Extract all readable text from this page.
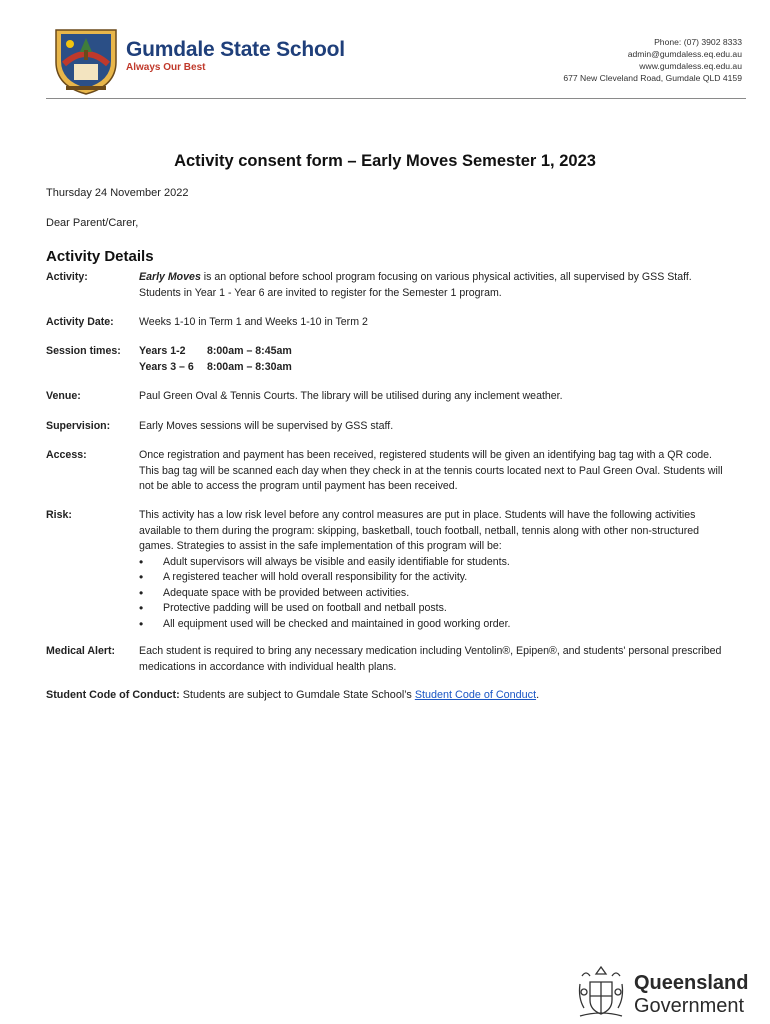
Gumdale State School
Always Our Best
Phone: (07) 3902 8333
admin@gumdaless.eq.edu.au
www.gumdaless.eq.edu.au
677 New Cleveland Road, Gumdale QLD 4159
Activity consent form – Early Moves Semester 1, 2023
Thursday 24 November 2022
Dear Parent/Carer,
Activity Details
Activity:	Early Moves is an optional before school program focusing on various physical activities, all supervised by GSS Staff. Students in Year 1 - Year 6 are invited to register for the Semester 1 program.
Activity Date:	Weeks 1-10 in Term 1 and Weeks 1-10 in Term 2
Session times:	Years 1-2	8:00am – 8:45am
Years 3 – 6	8:00am – 8:30am
Venue:	Paul Green Oval & Tennis Courts. The library will be utilised during any inclement weather.
Supervision:	Early Moves sessions will be supervised by GSS staff.
Access:	Once registration and payment has been received, registered students will be given an identifying bag tag with a QR code. This bag tag will be scanned each day when they check in at the tennis courts located next to Paul Green Oval. Students will not be able to access the program until payment has been received.
Risk:	This activity has a low risk level before any control measures are put in place. Students will have the following activities available to them during the program: skipping, basketball, touch football, netball, tennis along with other non-structured games. Strategies to assist in the safe implementation of this program will be:
• Adult supervisors will always be visible and easily identifiable for students.
• A registered teacher will hold overall responsibility for the activity.
• Adequate space with be provided between activities.
• Protective padding will be used on football and netball posts.
• All equipment used will be checked and maintained in good working order.
Medical Alert:	Each student is required to bring any necessary medication including Ventolin®, Epipen®, and students' personal prescribed medications in accordance with individual health plans.
Student Code of Conduct: Students are subject to Gumdale State School’s Student Code of Conduct.
Queensland
Government
